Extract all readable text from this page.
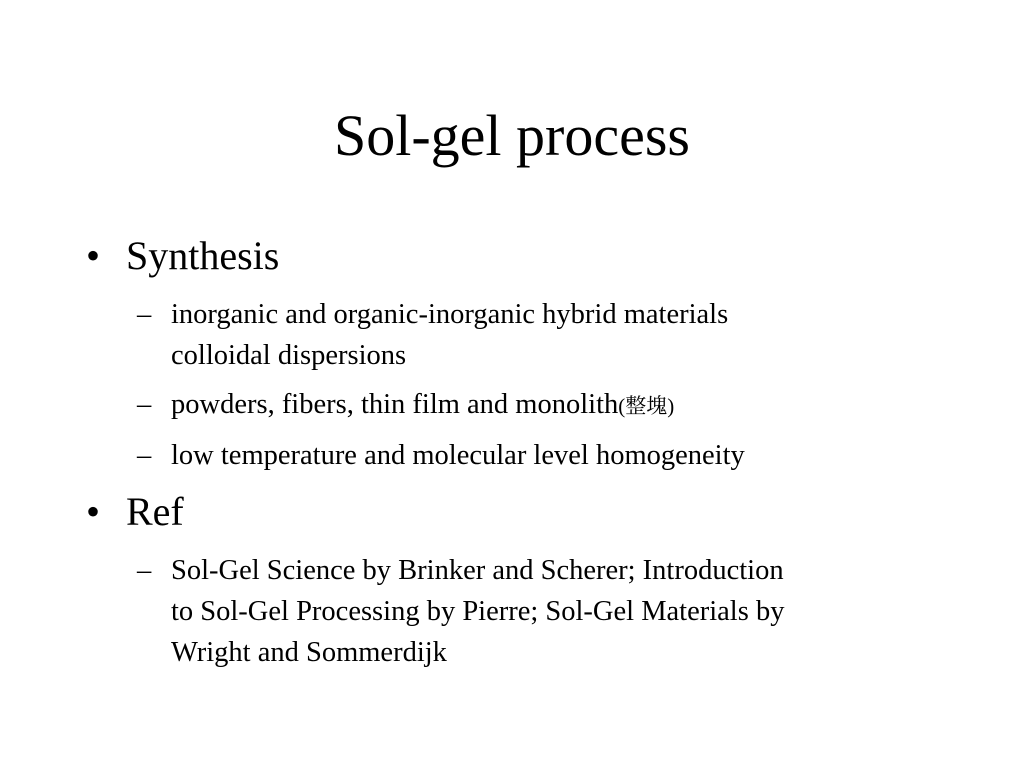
Sol-gel process
• Synthesis
– inorganic and organic-inorganic hybrid materials
colloidal dispersions
– powders, fibers, thin film and monolith(整塊)
– low temperature and molecular level homogeneity
• Ref
– Sol-Gel Science by Brinker and Scherer; Introduction
to Sol-Gel Processing by Pierre; Sol-Gel Materials by
Wright and Sommerdijk
